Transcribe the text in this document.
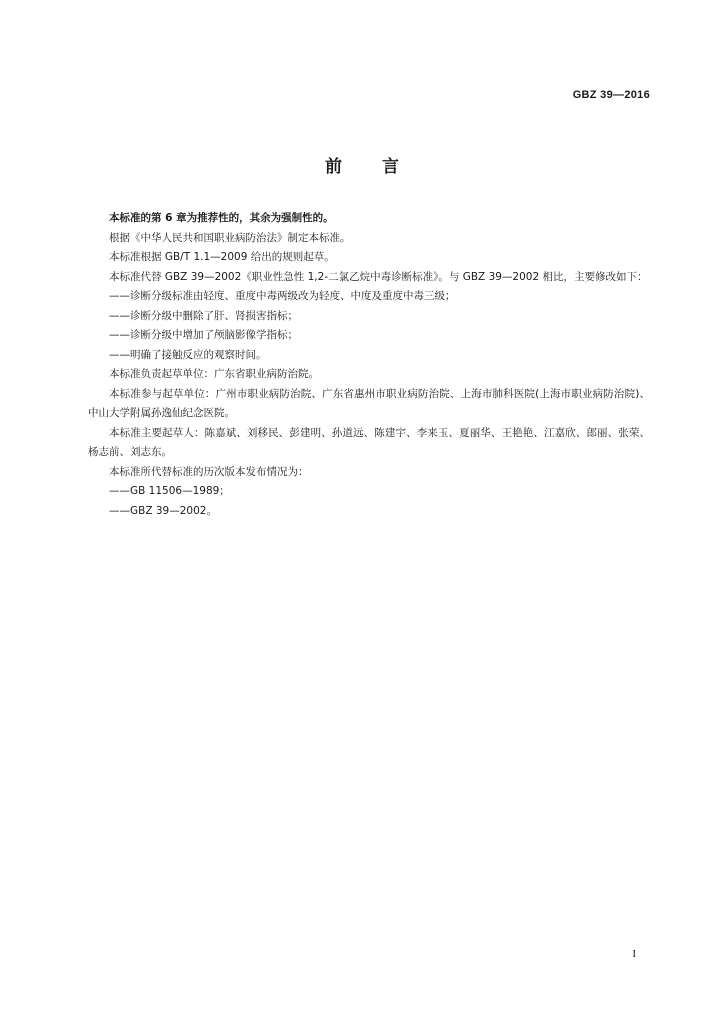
GBZ 39—2016
前言

本标准的第 6 章为推荐性的，其余为强制性的。

根据《中华人民共和国职业病防治法》制定本标准。

本标准根据 GB/T 1.1—2009 给出的规则起草。

本标准代替 GBZ 39—2002《职业性急性 1,2-二氯乙烷中毒诊断标准》。与 GBZ 39—2002 相比，主要修改如下：

——诊断分级标准由轻度、重度中毒两级改为轻度、中度及重度中毒三级；

——诊断分级中删除了肝、肾损害指标；

——诊断分级中增加了颅脑影像学指标；

——明确了接触反应的观察时间。

本标准负责起草单位：广东省职业病防治院。

本标准参与起草单位：广州市职业病防治院、广东省惠州市职业病防治院、上海市肺科医院(上海市职业病防治院)、中山大学附属孙逸仙纪念医院。

本标准主要起草人：陈嘉斌、刘移民、彭建明、孙道远、陈建宇、李来玉、夏丽华、王艳艳、江嘉欣、郎丽、张荣、杨志前、刘志东。

本标准所代替标准的历次版本发布情况为：

——GB 11506—1989；

——GBZ 39—2002。

I
